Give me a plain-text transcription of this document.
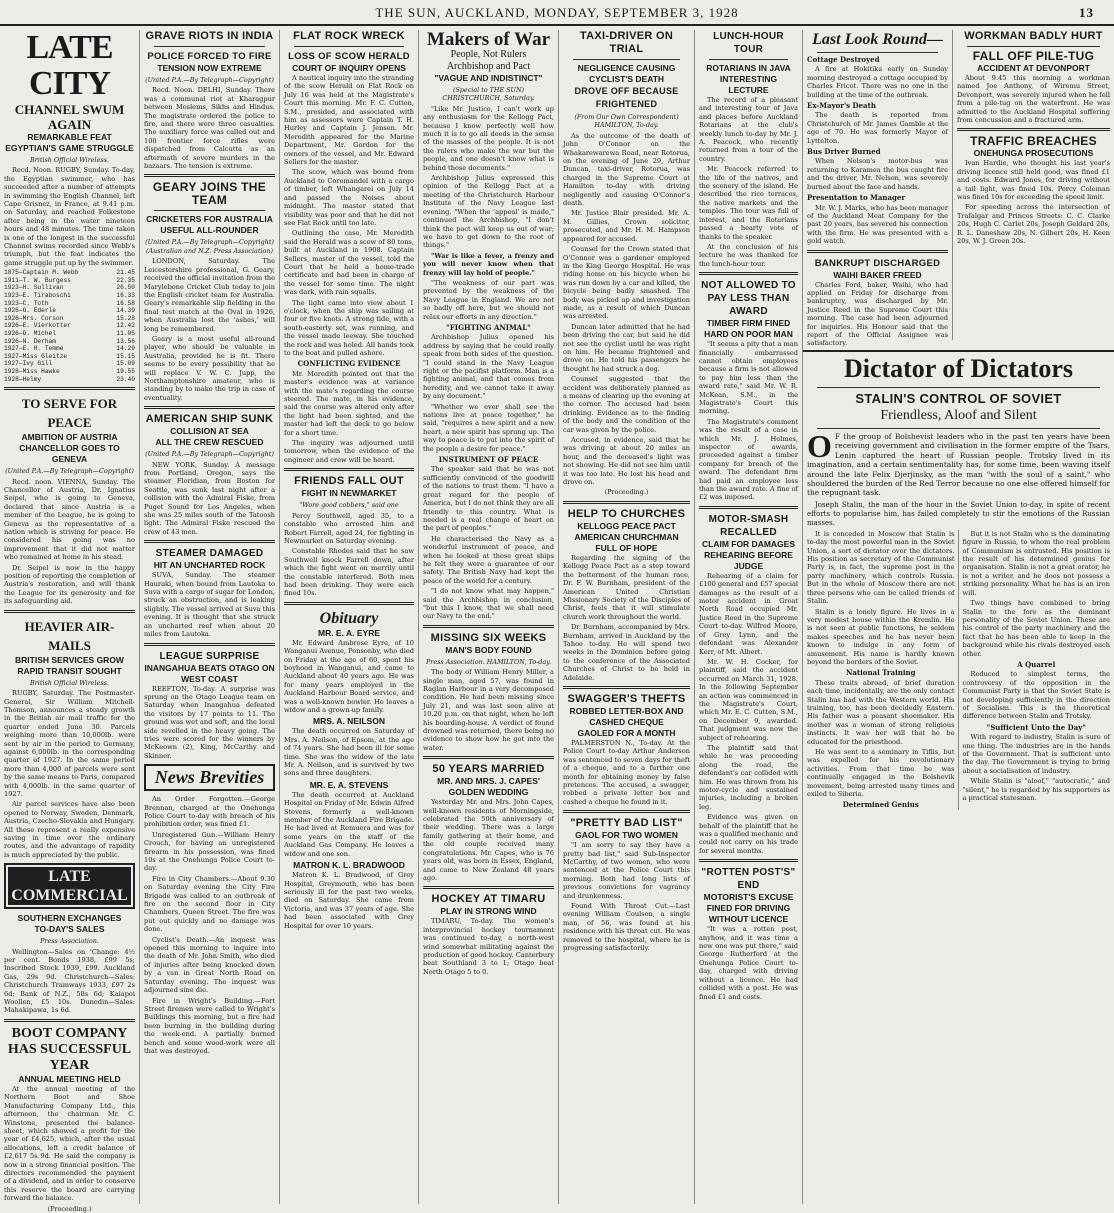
THE SUN, AUCKLAND, MONDAY, SEPTEMBER 3, 1928	13
LATE CITY
CHANNEL SWUM AGAIN
REMARKABLE FEAT
EGYPTIAN'S GAME STRUGGLE
British Official Wireless.

Recd. Noon. RUGBY, Sunday. To-day, the Egyptian swimmer, who has succeeded after a number of attempts in swimming the English Channel, left Cape Grisnez, in France, at 9.41 p.m. on Saturday, and reached Folkestone after being in the water nineteen hours and 48 minutes. The time taken is one of the longest in the successful Channel swims recorded since Webb's triumph, but the feat indicates the game struggle put up by the swimmer.

1875—Captain M. Webb	21.45
1911—T. W. Burgess	22.35
1923—H. Sullivan	26.50
1923—E. Tiraboschi	16.33
1923—C. Toth	16.58
1926—G. Ederle	14.39
1926—Mrs. Corson	15.28
1926—E. Vierkotter	12.42
1926—G. Michel	11.05
1926—N. Derham	13.56
1927—E. H. Temme	14.29
1927—Miss Gleitze	15.15
1927—Ivy Gill	15.09
1928—Miss Hawke	19.55
1928—Helmy	23.40
TO SERVE FOR PEACE
AMBITION OF AUSTRIA
CHANCELLOR GOES TO GENEVA
(United P.A.—By Telegraph—Copyright)

Recd. noon. VIENNA, Sunday. The Chancellor of Austria, Dr. Ignatius Seipel, who is going to Geneva, declared that since Austria is a member of the League, he is going to Geneva as the representative of a nation which is striving for peace. He considered his going was no improvement that it did not matter who remained at home in his stead.

Dr. Seipel is now in the happy position of reporting the completion of Austria's restoration, and will thank the League for its generosity and for its safeguarding aid.

HEAVIER AIR-MAILS
BRITISH SERVICES GROW
RAPID TRANSIT SOUGHT
British Official Wireless.

RUGBY, Saturday. The Postmaster-General, Sir William Mitchell-Thomson, announces a steady growth in the British air mail traffic for the quarter ended June 30. Parcels weighing more than 10,000lb. were sent by air in the period to Germany, against 6,000lb. in the corresponding quarter of 1927. In the same period more than 4,000 of parcels were sent by the same means to Paris, compared with 4,000lb. in the same quarter of 1927.

Air parcel services have also been opened to Norway, Sweden, Denmark, Austria, Czecho-Slovakia and Hungary. All these represent a really expensive saving in time over the ordinary routes, and the advantage of rapidity is much appreciated by the public.

LATE COMMERCIAL
SOUTHERN EXCHANGES
TO-DAY'S SALES
Press Association.

Wellington—Sales on 'Change: 4½ per cent. Bonds 1938, £99 5s; Inscribed Stock 1939, £99. Auckland Gas, 29s 9d. Christchurch—Sales: Christchurch Tramways 1933, £97 2s 6d; Bank of N.Z., 58s 6d; Kaiapoi Woollen, £5 10s. Dunedin—Sales: Mahakipawa, 1s 6d.

BOOT COMPANY HAS SUCCESSFUL YEAR
ANNUAL MEETING HELD

At the annual meeting of the Northern Boot and Shoe Manufacturing Company Ltd., this afternoon, the chairman Mr. C. Winstone, presented the balance-sheet, which showed a profit for the year of £4,625, which, after the usual allocations, left a credit balance of £2,617 5s 9d. He said the company is now in a strong financial position. The directors recommended the payment of a dividend, and in order to conserve this reserve the board are carrying forward the balance.

(Proceeding.)
GRAVE RIOTS IN INDIA
POLICE FORCED TO FIRE
TENSION NOW EXTREME
(United P.A.—By Telegraph—Copyright)

Recd. Noon. DELHI, Sunday. There was a communal riot at Kharagpur between Moslems, Sikhs and Hindus. The magistrate ordered the police to fire, and there were three casualties. The auxiliary force was called out and 100 frontier force rifles were dispatched from Calcutta as an aftermath of severe murders in the bazaars. The tension is extreme.

GEARY JOINS THE TEAM
CRICKETERS FOR AUSTRALIA
USEFUL ALL-ROUNDER
(United P.A.—By Telegraph—Copyright) (Australian and N.Z. Press Association)

LONDON, Saturday. The Leicestershire professional, G. Geary, received the official invitation from the Marylebone Cricket Club today to join the English cricket team for Australia. Geary's remarkable slip fielding in the final test match at the Oval in 1926, when Australia lost the 'ashes,' will long be remembered.

Geary is a most useful all-round player, who should be valuable in Australia, provided he is fit. There seems to be every possibility that he will replace V. W. C. Jupp, the Northamptonshire amateur, who is standing by to make the trip in case of eventuality.

AMERICAN SHIP SUNK
COLLISION AT SEA
ALL THE CREW RESCUED
(United P.A.—By Telegraph—Copyright)

NEW YORK, Sunday. A message from Portland, Oregon, says the steamer Floridian, from Boston for Seattle, was sunk last night after a collision with the Admiral Fiske, from Puget Sound for Los Angeles, when she was 25 miles south of the Tatoosh light. The Admiral Fiske rescued the crew of 43 men.

STEAMER DAMAGED
HIT AN UNCHARTED ROCK

SUVA, Sunday. The steamer Hauraki, when bound from Lautoka to Suva with a cargo of sugar for London, struck an obstruction, and is leaking slightly. The vessel arrived at Suva this evening. It is thought that she struck an uncharted reef when about 20 miles from Lautoka.

LEAGUE SURPRISE
INANGAHUA BEATS OTAGO ON WEST COAST

REEFTON, To-day. A surprise was sprung on the Otago League team on Saturday when Inangahua defeated the visitors by 17 points to 11. The ground was wet and soft, and the local side revelled in the heavy going. The tries were scored for the winners by McKeown (2), King, McCarthy and Skinner.

News Brevities

An Order Forgotten.—George Brennan, charged at the Onehunga Police Court to-day with breach of his prohibition order, was fined £1.

Unregistered Gun.—William Henry Crouch, for having an unregistered firearm in his possession, was fined 10s at the Onehunga Police Court to-day.

Fire in City Chambers.—About 9.30 on Saturday evening the City Fire Brigade was called to an outbreak of fire on the second floor in City Chambers, Queen Street. The fire was put out quickly and no damage was done.

Cyclist's Death.—An inquest was opened this morning to inquire into the death of Mr. John Smith, who died of injuries after being knocked down by a van in Great North Road on Saturday evening. The inquest was adjourned sine die.

Fire in Wright's Building.—Fort Street firemen were called to Wright's Buildings this morning, but a fire had been burning in the building during the week-end. A partially burned bench and some wood-work were all that was destroyed.

FLAT ROCK WRECK
LOSS OF SCOW HERALD
COURT OF INQUIRY OPENS

A nautical inquiry into the stranding of the scow Herald on Flat Rock on July 16 was held at the Magistrate's Court this morning. Mr. F. C. Cutten, S.M., presided, and associated with him as assessors were Captain T. H. Hurley and Captain J. Jensen. Mr. Meredith appeared for the Marine Department, Mr. Gordon for the owners of the vessel, and Mr. Edward Sellers for the master.

The scow, which was bound from Auckland to Coromandel with a cargo of timber, left Whangarei on July 14 and passed the Noises about midnight. The master stated that visibility was poor and that he did not see Flat Rock until too late.

Outlining the case, Mr. Meredith said the Herald was a scow of 80 tons, built at Auckland in 1908. Captain Sellers, master of the vessel, told the Court that he held a home-trade certificate and had been in charge of the vessel for some time. The night was dark, with rain squalls.

The light came into view about 1 o'clock, when the ship was sailing at four or five knots. A strong tide, with a south-easterly set, was running, and the vessel made leeway. She touched the rock and was holed. All hands took to the boat and pulled ashore.

CONFLICTING EVIDENCE

Mr. Meredith pointed out that the master's evidence was at variance with the mate's regarding the course steered. The mate, in his evidence, said the course was altered only after the light had been sighted, and the master had left the deck to go below for a short time.

The inquiry was adjourned until tomorrow, when the evidence of the engineer and crew will be heard.

FRIENDS FALL OUT
FIGHT IN NEWMARKET
"Wore good cobbers," said one

Percy Southwell, aged 35, to a constable who arrested him and Robert Farrell, aged 24, for fighting in Newmarket on Saturday evening.

Constable Rhodes said that he saw Southwell knock Farrell down, after which the fight went on merrily until the constable interfered. Both men had been drinking. They were each fined 10s.

Obituary
MR. E. A. EYRE

Mr. Edward Ambrose Eyre, of 10 Wanganui Avenue, Ponsonby, who died on Friday at the age of 60, spent his boyhood in Wanganui, and came to Auckland about 40 years ago. He was for many years employed in the Auckland Harbour Board service, and was a well-known bowler. He leaves a widow and a grown-up family.

MRS. A. NEILSON

The death occurred on Saturday of Mrs. A. Neilson, of Epsom, at the age of 74 years. She had been ill for some time. She was the widow of the late Mr. A. Neilson, and is survived by two sons and three daughters.

MR. E. A. STEVENS

The death occurred at Auckland Hospital on Friday of Mr. Edwin Alfred Stevens, formerly a well-known member of the Auckland Fire Brigade. He had lived at Remuera and was for some years on the staff of the Auckland Gas Company. He leaves a widow and one son.

MATRON K. L. BRADWOOD

Matron K. L. Bradwood, of Grey Hospital, Greymouth, who has been seriously ill for the past two weeks, died on Saturday. She came from Victoria, and was 37 years of age. She had been associated with Grey Hospital for over 10 years.

Makers of War
People, Not Rulers
Archbishop and Pact
"VAGUE AND INDISTINCT"
(Special to THE SUN) CHRISTCHURCH, Saturday.

"Like Mr. Justice, I can't work up any enthusiasm for the Kellogg Pact, because I know perfectly well how much it is to go all deeds in the sense of the masses of the people. It is not the rulers who make the war but the people, and one doesn't know what is behind those documents."

Archbishop Julius expressed this opinion of the Kellogg Pact at a meeting of the Christchurch Harbour Institute of the Navy League last evening. "When the 'appeal' is made," continued the Archbishop, "I don't think the pact will keep us out of war; we have to get down to the root of things."

"War is like a fever, a frenzy and you will never know when that frenzy will lay hold of people."

"The weakness of our part was prevented by the weakness of the Navy League in England. We are not so badly off here, but we should not relax our efforts in any direction."

"FIGHTING ANIMAL"

Archbishop Julius opened his address by saying that he could really speak from both sides of the question. "I could stand in the Navy League right or the pacifist platform. Man is a fighting animal, and that comes from heredity, and we cannot take it away by any document."

"Whether we ever shall see the nations live at peace together," he said, "requires a new spirit and a new heart, a new spirit has sprung up. The way to peace is to put into the spirit of the people a desire for peace."

INSTRUMENT OF PEACE

The speaker said that he was not sufficiently convinced of the goodwill of the nations to trust them. "I have a great regard for the people of America, but I do not think they are all friendly to this country. What is needed is a real change of heart on the part of peoples."

He characterised the Navy as a wonderful instrument of peace, and when he looked at these great ships he felt they were a guarantee of our safety. The British Navy had kept the peace of the world for a century.

"I do not know what may happen," said the Archbishop in conclusion, "but this I know, that we shall need our Navy to the end."

MISSING SIX WEEKS
MAN'S BODY FOUND
Press Association. HAMILTON, To-day.

The body of William Henry Miller, a single man, aged 57, was found in Raglan Harbour in a very decomposed condition. He had been missing since July 21, and was last seen alive at 10.20 p.m. on that night, when he left his boarding-house. A verdict of found drowned was returned, there being no evidence to show how he got into the water.

50 YEARS MARRIED
MR. AND MRS. J. CAPES' GOLDEN WEDDING

Yesterday Mr. and Mrs. John Capes, well-known residents of Morningside, celebrated the 50th anniversary of their wedding. There was a large family gathering at their home, and the old couple received many congratulations. Mr. Capes, who is 76 years old, was born in Essex, England, and came to New Zealand 48 years ago.

HOCKEY AT TIMARU
PLAY IN STRONG WIND

TIMARU, To-day. The women's interprovincial hockey tournament was continued to-day, a north-west wind somewhat militating against the production of good hockey. Canterbury beat Southland 3 to 1; Otago beat North Otago 5 to 0.

TAXI-DRIVER ON TRIAL
NEGLIGENCE CAUSING CYCLIST'S DEATH
DROVE OFF BECAUSE FRIGHTENED
(From Our Own Correspondent) HAMILTON, To-day.

As the outcome of the death of John O'Connor on the Whakarewarewa Road, near Rotorua, on the evening of June 29, Arthur Duncan, taxi-driver, Rotorua, was charged in the Supreme Court at Hamilton to-day with driving negligently and causing O'Connor's death.

Mr. Justice Blair presided. Mr. A. M. Gillies, Crown solicitor, prosecuted, and Mr. H. M. Hampson appeared for accused.

Counsel for the Crown stated that O'Connor was a gardener employed in the King George Hospital. He was riding home on his bicycle when he was run down by a car and killed, the bicycle being badly smashed. The body was picked up and investigation made, as a result of which Duncan was arrested.

Duncan later admitted that he had been driving the car, but said he did not see the cyclist until he was right on him. He became frightened and drove on. He told his passengers he thought he had struck a dog.

Counsel suggested that the accident was deliberately planned as a means of clearing up the evening at the corner. The accused had been drinking. Evidence as to the finding of the body and the condition of the car was given by the police.

Accused, in evidence, said that he was driving at about 20 miles an hour, and the deceased's light was not showing. He did not see him until it was too late. He lost his head and drove on.

(Proceeding.)
HELP TO CHURCHES
KELLOGG PEACE PACT
AMERICAN CHURCHMAN FULL OF HOPE

Regarding the signing of the Kellogg Peace Pact as a step toward the betterment of the human race, Dr. F. W. Burnham, president of the American United Christian Missionary Society of the Disciples of Christ, feels that it will stimulate church work throughout the world.

Dr. Burnham, accompanied by Mrs. Burnham, arrived in Auckland by the Tahoe to-day. He will spend two weeks in the Dominion before going to the conference of the Associated Churches of Christ to be held in Adelaide.

SWAGGER'S THEFTS
ROBBED LETTER-BOX AND CASHED CHEQUE
GAOLED FOR A MONTH

PALMERSTON N., To-day. At the Police Court to-day Arthur Anderson was sentenced to seven days for theft of a cheque, and to a further one month for obtaining money by false pretences. The accused, a swagger, robbed a private letter box and cashed a cheque he found in it.

"PRETTY BAD LIST"
GAOL FOR TWO WOMEN

"I am sorry to say they have a pretty bad list," said Sub-Inspector McCarthy, of two women, who were sentenced at the Police Court this morning. Both had long lists of previous convictions for vagrancy and drunkenness.

Found With Throat Cut.—Last evening William Coulson, a single man, of 56, was found at his residence with his throat cut. He was removed to the hospital, where he is progressing satisfactorily.

LUNCH-HOUR TOUR
ROTARIANS IN JAVA
INTERESTING LECTURE

The record of a pleasant and interesting tour of Java and places before Auckland Rotarians at the club's weekly lunch to-day by Mr. J. A. Peacock, who recently returned from a tour of the country.

Mr. Peacock referred to the life of the natives, and the scenery of the island. He described the rice terraces, the native markets and the temples. The tour was full of interest, and the Rotarians passed a hearty vote of thanks to the speaker.

At the conclusion of his lecture he was thanked for the lunch-hour tour.

NOT ALLOWED TO PAY LESS THAN AWARD
TIMBER FIRM FINED
HARD ON POOR MAN

"It seems a pity that a man financially embarrassed cannot obtain employees because a firm is not allowed to pay him less than the award rate," said Mr. W. R. McKean, S.M., in the Magistrate's Court this morning.

The Magistrate's comment was the result of a case in which Mr. J. Holmes, inspector of awards, proceeded against a timber company for breach of the award. The defendant firm had paid an employee less than the award rate. A fine of £2 was imposed.

MOTOR-SMASH RECALLED
CLAIM FOR DAMAGES
REHEARING BEFORE JUDGE

Rehearing of a claim for £100 general and £57 special damages as the result of a motor accident in Great North Road occupied Mr. Justice Reed in the Supreme Court to-day. Wilfred Moore, of Grey Lynn, and the defendant was Alexander Kerr, of Mt. Albert.

Mr. W. H. Cocker, for plaintiff, said the accident occurred on March 31, 1928. In the following September an action was commenced in the Magistrate's Court, which Mr. E. C. Cutten, S.M., on December 9, awarded. That judgment was now the subject of rehearing.

The plaintiff said that while he was proceeding along the road, the defendant's car collided with him. He was thrown from his motor-cycle and sustained injuries, including a broken leg.

Evidence was given on behalf of the plaintiff that he was a qualified mechanic and could not carry on his trade for several months.

"ROTTEN POST'S" END
MOTORIST'S EXCUSE
FINED FOR DRIVING WITHOUT LICENCE

"It was a rotten post, anyhow, and it was time a new one was put there," said George Rutherford at the Onehunga Police Court to-day, charged with driving without a licence. He had collided with a post. He was fined £1 and costs.

Last Look Round—
Cottage Destroyed

A fire at Hokitika early on Sunday morning destroyed a cottage occupied by Charles Fricot. There was no one in the building at the time of the outbreak.

Ex-Mayor's Death

The death is reported from Christchurch of Mr. James Gamble at the age of 70. He was formerly Mayor of Lyttelton.

Bus Driver Burned

When Nelson's motor-bus was returning to Karamea the bus caught fire and the driver, Mr. Nelson, was severely burned about the face and hands.

Presentation to Manager

Mr. W. J. Marks, who has been manager of the Auckland Meat Company for the past 20 years, has severed his connection with the firm. He was presented with a gold watch.

BANKRUPT DISCHARGED
WAIHI BAKER FREED

Charles Ford, baker, Waihi, who had applied on Friday for discharge from bankruptcy, was discharged by Mr. Justice Reed in the Supreme Court this morning. The case had been adjourned for inquiries. His Honour said that the report of the Official Assignee was satisfactory.

WORKMAN BADLY HURT
FALL OFF PILE-TUG
ACCIDENT AT DEVONPORT

About 9.45 this morning a workman named Joe Anthony, of Wiremu Street, Devonport, was severely injured when he fell from a pile-tug on the waterfront. He was admitted to the Auckland Hospital suffering from concussion and a fractured arm.

TRAFFIC BREACHES
ONEHUNGA PROSECUTIONS

Ivan Hardie, who thought his last year's driving licence still held good, was fined £1 and costs. Edward Jones, for driving without a tail light, was fined 10s. Percy Coleman was fined 10s for exceeding the speed limit.

For speeding across the intersection of Trafalgar and Princes Streets: C. C. Clarke 20s, Hugh C. Carlet 20s, Joseph Geldard 20s, R. L. Daneshaw 20s, N. Gilbert 20s, H. Keen 20s, W. J. Green 20s.

Dictator of Dictators
STALIN'S CONTROL OF SOVIET
Friendless, Aloof and Silent

O F the group of Bolshevist leaders who in the past ten years have been receiving government and civilisation in the former empire of the Tsars, Lenin captured the heart of Russian people. Trotsky lived in its imagination, and a certain sentimentality has, for some time, been waving itself around the late Felix Djerjinsky, as the man "with the soul of a saint," who shouldered the burden of the Red Terror because no one else offered himself for the repugnant task.

Joseph Stalin, the man of the hour in the Soviet Union to-day, in spite of recent efforts to popularise him, has failed completely to stir the emotions of the Russian masses.

It is conceded in Moscow that Stalin is to-day the most powerful man in the Soviet Union, a sort of dictator over the dictators. His position as secretary of the Communist Party is, in fact, the supreme post in the party machinery, which controls Russia. But in the whole of Moscow there are not three persons who can be called friends of Stalin.

Stalin is a lonely figure. He lives in a very modest house within the Kremlin. He is not seen at public functions, he seldom makes speeches and he has never been known to indulge in any form of amusement. His name is hardly known beyond the borders of the Soviet.

National Training

These traits abroad, of brief duration each time, incidentally, are the only contact Stalin has had with the Western world. His training, too, has been decidedly Eastern. His father was a peasant shoemaker. His mother was a woman of strong religious instincts. It was her will that he be educated for the priesthood.

He was sent to a seminary in Tiflis, but was expelled for his revolutionary activities. From that time he was continually engaged in the Bolshevik movement, being arrested many times and exiled to Siberia.

Determined Genius

But it is not Stalin who is the dominating figure in Russia, to whom the real problem of Communism is entrusted. His position is the result of his determined genius for organisation. Stalin is not a great orator, he is not a writer, and he does not possess a striking personality. What he has is an iron will.

Two things have combined to bring Stalin to the fore as the dominant personality of the Soviet Union. These are his control of the party machinery and the fact that he has been able to keep in the background while his rivals destroyed each other.

A Quarrel

Reduced to simplest terms, the controversy of the opposition in the Communist Party is that the Soviet State is not developing sufficiently in the direction of Socialism. This is the theoretical difference between Stalin and Trotsky.

"Sufficient Unto the Day"

With regard to industry, Stalin is sure of one thing. The industries are in the hands of the Government. That is sufficient unto the day. The Government is trying to bring about a socialisation of industry.

While Stalin is "aloof," "autocratic," and "silent," he is regarded by his supporters as a practical statesman.
